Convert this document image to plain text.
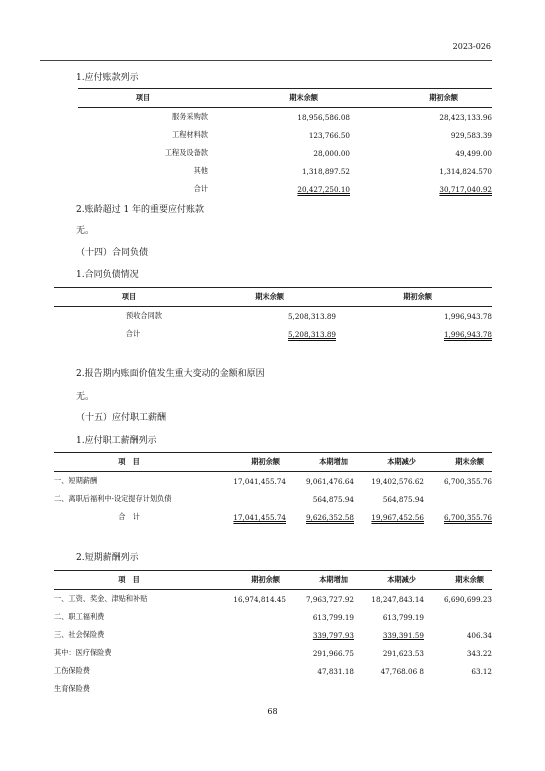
2023-026
1.应付账款列示
项目	期末余额	期初余额
服务采购款	18,956,586.08	28,423,133.96
工程材料款	123,766.50	929,583.39
工程及设备款	28,000.00	49,499.00
其他	1,318,897.52	1,314,824.570
合计	20,427,250.10	30,717,040.92
2.账龄超过 1 年的重要应付账款
无。
（十四）合同负债
1.合同负债情况
项目	期末余额	期初余额
预收合同款	5,208,313.89	1,996,943.78
合计	5,208,313.89	1,996,943.78
2.报告期内账面价值发生重大变动的金额和原因
无。
（十五）应付职工薪酬
1.应付职工薪酬列示
项　目	期初余额	本期增加	本期减少	期末余额
一、短期薪酬	17,041,455.74	9,061,476.64	19,402,576.62	6,700,355.76
二、离职后福利中-设定提存计划负债		564,875.94	564,875.94	
合　计	17,041,455.74	9,626,352.58	19,967,452.56	6,700,355.76
2.短期薪酬列示
项　目	期初余额	本期增加	本期减少	期末余额
一、工资、奖金、津贴和补贴	16,974,814.45	7,963,727.92	18,247,843.14	6,690,699.23
二、职工福利费		613,799.19	613,799.19	
三、社会保险费		339,797.93	339,391.59	406.34
其中：医疗保险费		291,966.75	291,623.53	343.22
工伤保险费		47,831.18	47,768.06 8	63.12
生育保险费				
68
